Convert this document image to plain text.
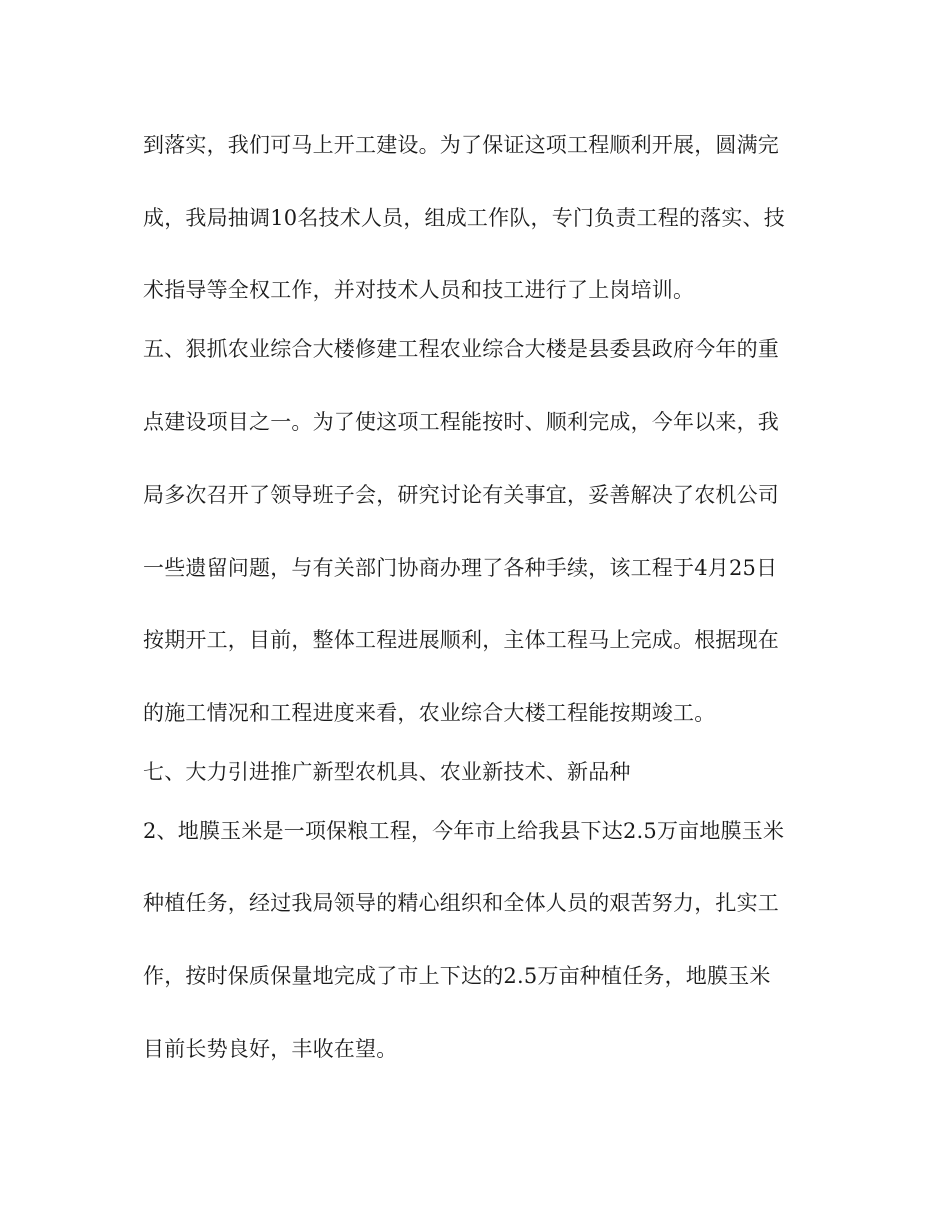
到落实，我们可马上开工建设。为了保证这项工程顺利开展，圆满完

成，我局抽调10名技术人员，组成工作队，专门负责工程的落实、技

术指导等全权工作，并对技术人员和技工进行了上岗培训。

五、狠抓农业综合大楼修建工程农业综合大楼是县委县政府今年的重

点建设项目之一。为了使这项工程能按时、顺利完成，今年以来，我

局多次召开了领导班子会，研究讨论有关事宜，妥善解决了农机公司

一些遗留问题，与有关部门协商办理了各种手续，该工程于4月25日

按期开工，目前，整体工程进展顺利，主体工程马上完成。根据现在

的施工情况和工程进度来看，农业综合大楼工程能按期竣工。

七、大力引进推广新型农机具、农业新技术、新品种

2、地膜玉米是一项保粮工程，今年市上给我县下达2.5万亩地膜玉米

种植任务，经过我局领导的精心组织和全体人员的艰苦努力，扎实工

作，按时保质保量地完成了市上下达的2.5万亩种植任务，地膜玉米

目前长势良好，丰收在望。
